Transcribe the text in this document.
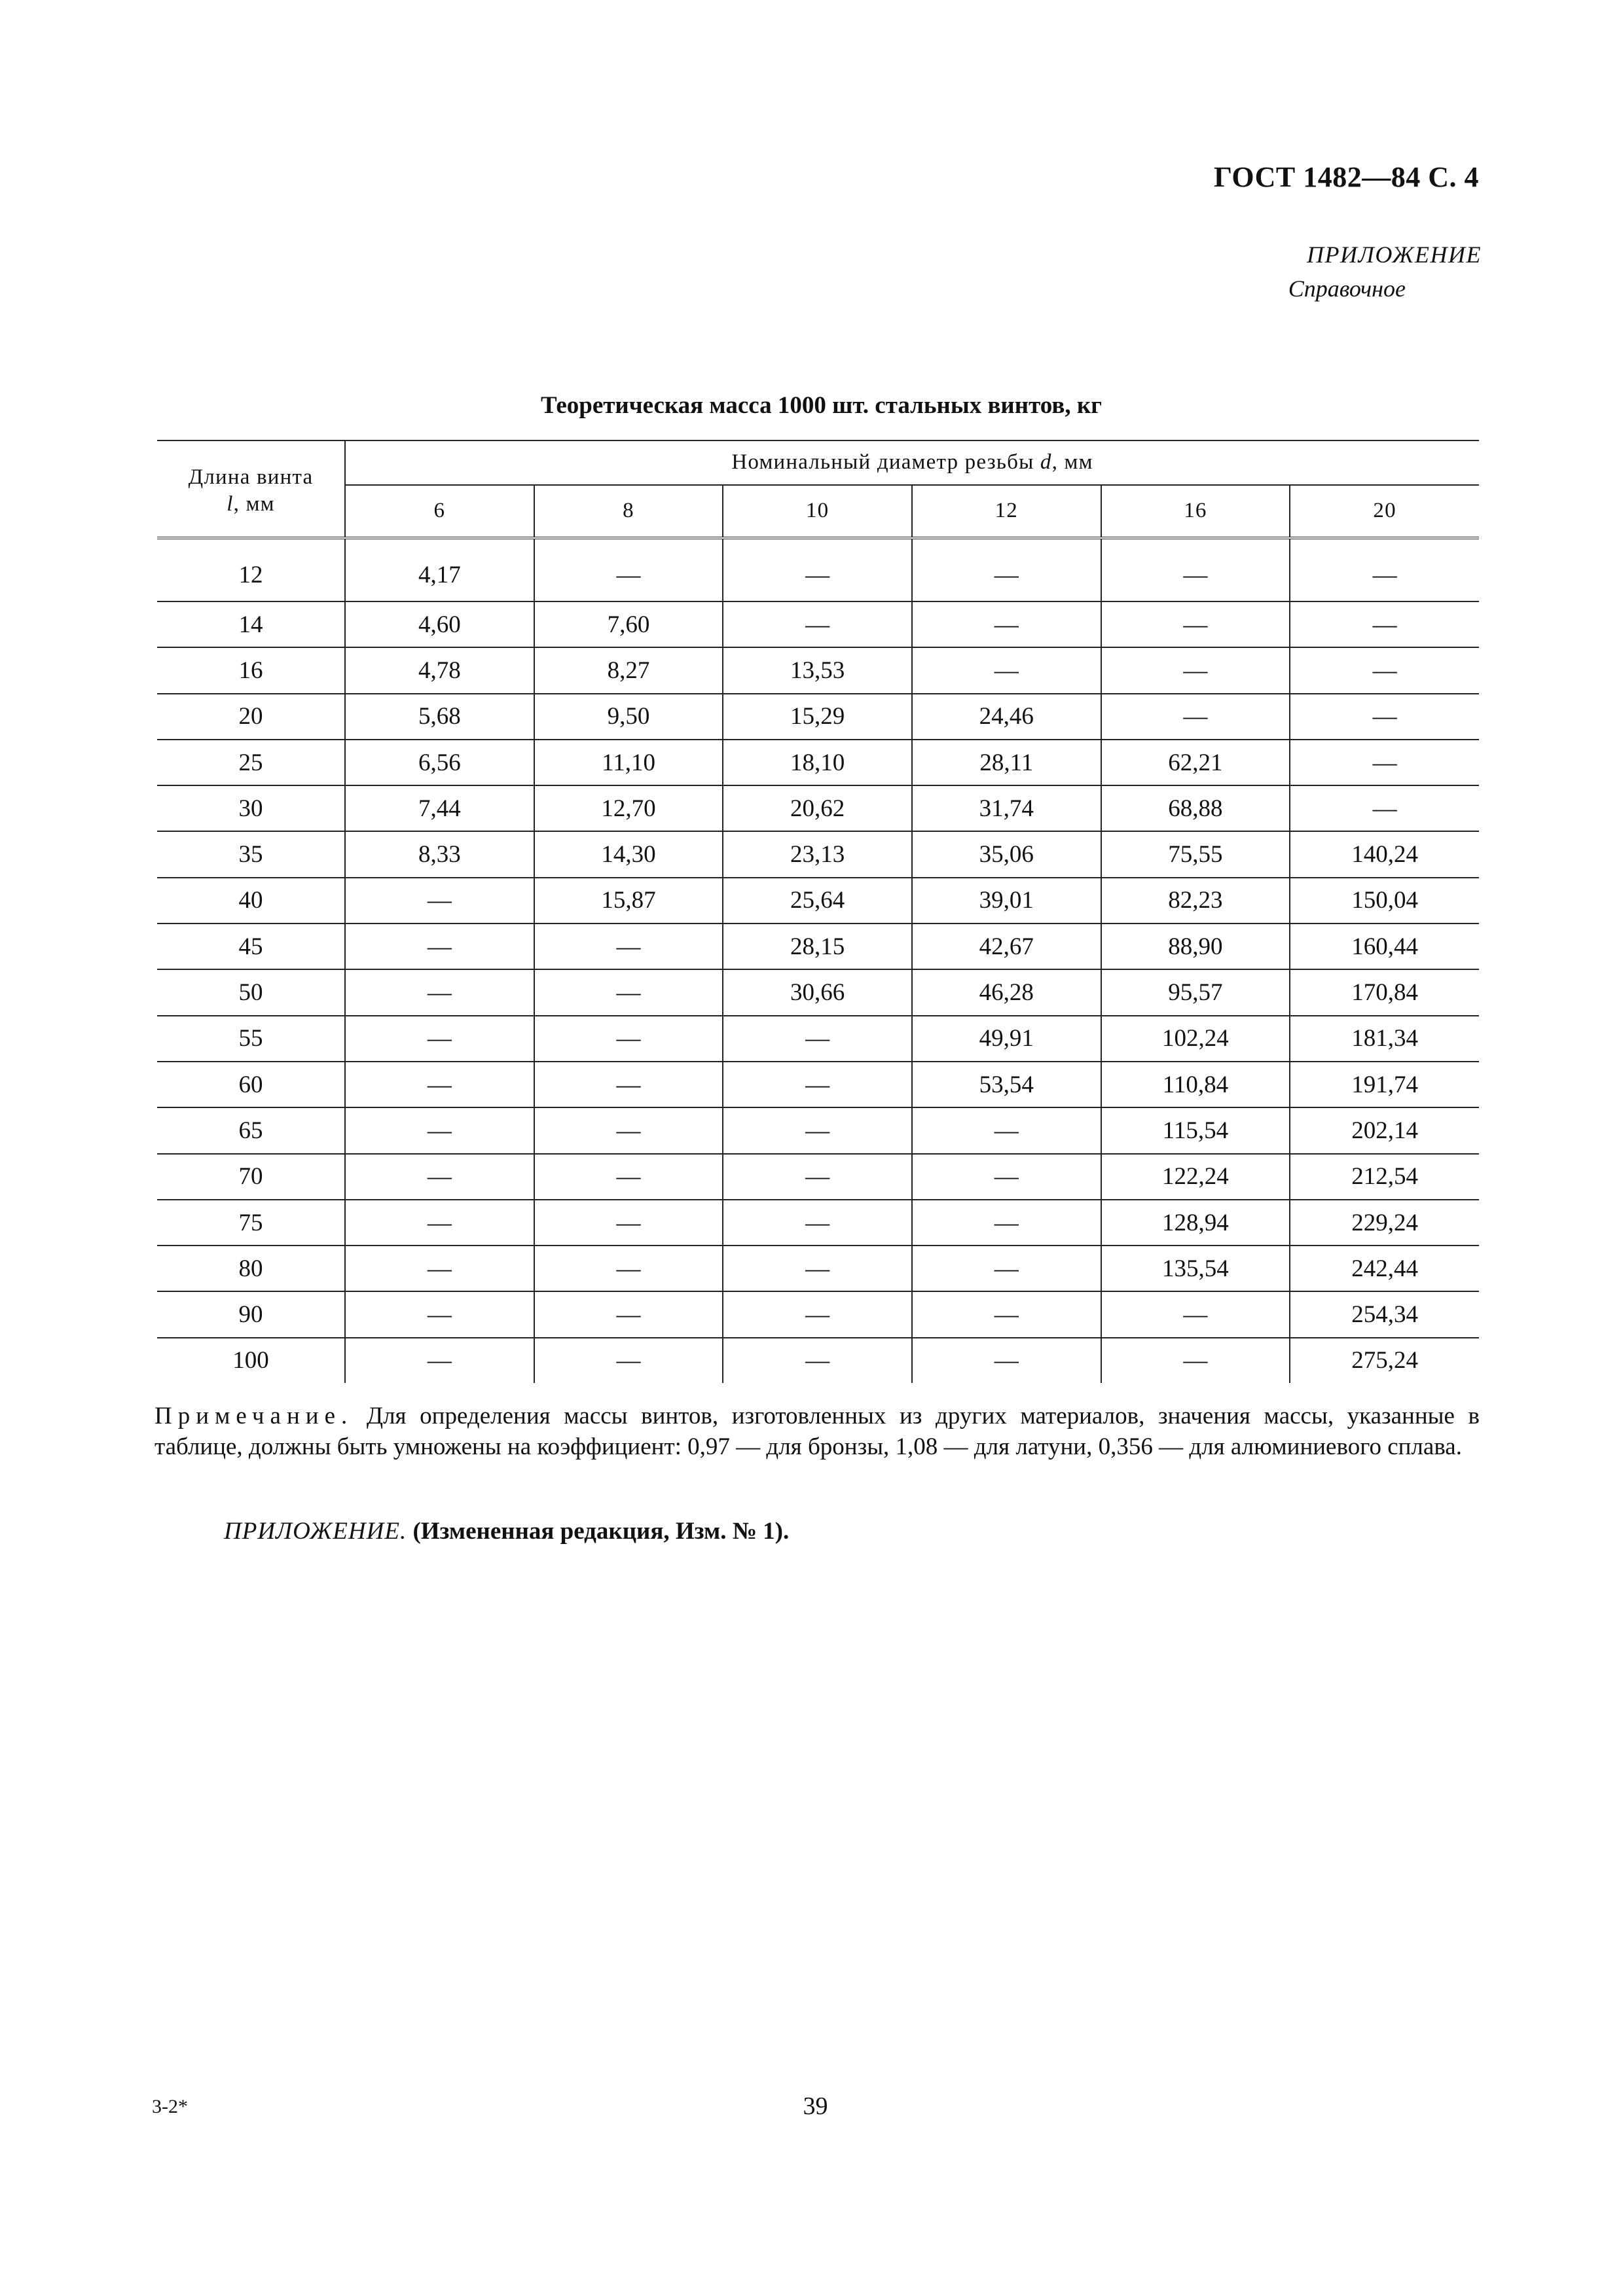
ГОСТ 1482—84 С. 4
ПРИЛОЖЕНИЕ
Справочное
Теоретическая масса 1000 шт. стальных винтов, кг
Длина винта
l, мм	Номинальный диаметр резьбы d, мм					
	6	8	10	12	16	20
12	4,17	—	—	—	—	—
14	4,60	7,60	—	—	—	—
16	4,78	8,27	13,53	—	—	—
20	5,68	9,50	15,29	24,46	—	—
25	6,56	11,10	18,10	28,11	62,21	—
30	7,44	12,70	20,62	31,74	68,88	—
35	8,33	14,30	23,13	35,06	75,55	140,24
40	—	15,87	25,64	39,01	82,23	150,04
45	—	—	28,15	42,67	88,90	160,44
50	—	—	30,66	46,28	95,57	170,84
55	—	—	—	49,91	102,24	181,34
60	—	—	—	53,54	110,84	191,74
65	—	—	—	—	115,54	202,14
70	—	—	—	—	122,24	212,54
75	—	—	—	—	128,94	229,24
80	—	—	—	—	135,54	242,44
90	—	—	—	—	—	254,34
100	—	—	—	—	—	275,24
Примечание. Для определения массы винтов, изготовленных из других материалов, значения массы, указанные в таблице, должны быть умножены на коэффициент: 0,97 — для бронзы, 1,08 — для латуни, 0,356 — для алюминиевого сплава.
ПРИЛОЖЕНИЕ. (Измененная редакция, Изм. № 1).
3-2*	39
